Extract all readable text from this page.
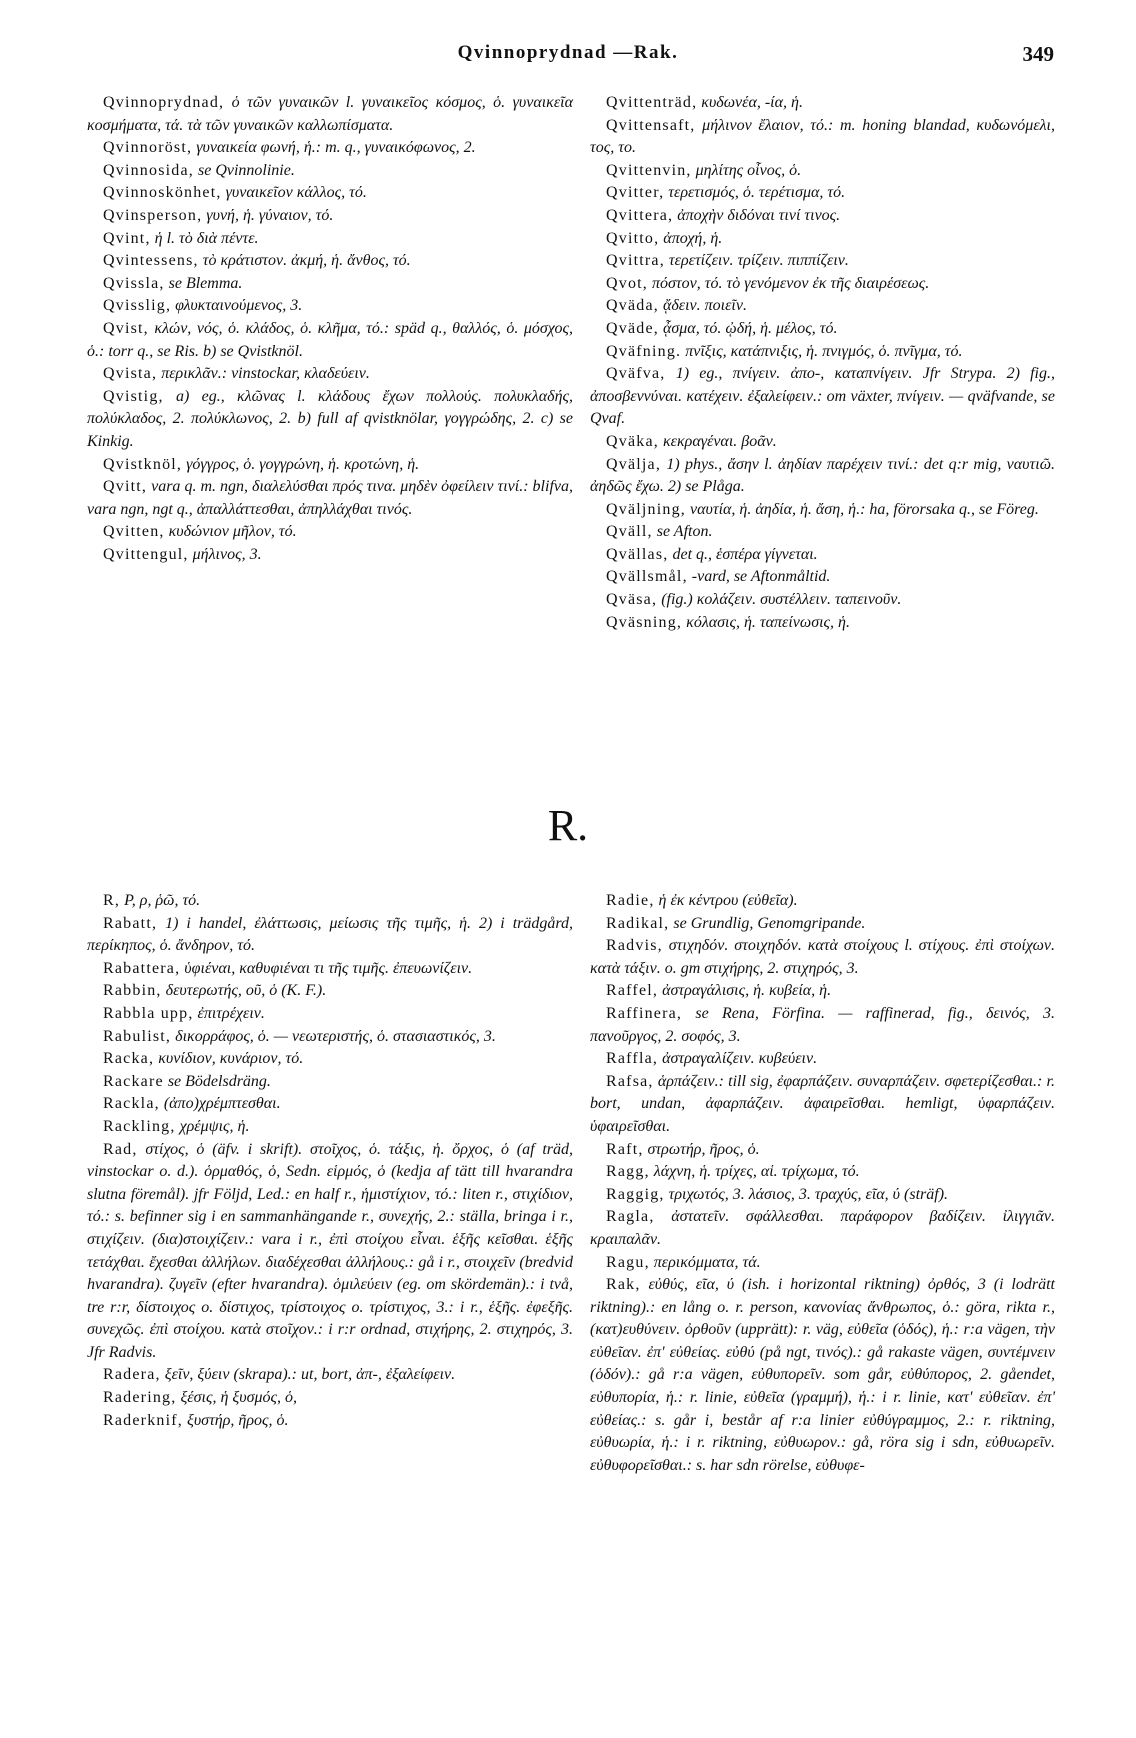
Qvinnoprydnad —Rak.	349

Qvinnoprydnad, ὁ τῶν γυναικῶν l. γυναικεῖος κόσμος, ὁ. γυναικεῖα κοσμήματα, τά. τὰ τῶν γυναικῶν καλλωπίσματα.

Qvinnoröst, γυναικεία φωνή, ἡ.: m. q., γυναικόφωνος, 2.

Qvinnosida, se Qvinnolinie.

Qvinnoskönhet, γυναικεῖον κάλλος, τό.

Qvinsperson, γυνή, ἡ. γύναιον, τό.

Qvint, ἡ l. τὸ διὰ πέντε.

Qvintessens, τὸ κράτιστον. ἀκμή, ἡ. ἄνθος, τό.

Qvissla, se Blemma.

Qvisslig, φλυκταινούμενος, 3.

Qvist, κλών, νός, ὁ. κλάδος, ὁ. κλῆμα, τό.: späd q., θαλλός, ὁ. μόσχος, ὁ.: torr q., se Ris. b) se Qvistknöl.

Qvista, περικλᾶν.: vinstockar, κλαδεύειν.

Qvistig, a) eg., κλῶνας l. κλάδους ἔχων πολλούς. πολυκλαδής, πολύκλαδος, 2. πολύκλωνος, 2. b) full af qvistknölar, γογγρώδης, 2. c) se Kinkig.

Qvistknöl, γόγγρος, ὁ. γογγρώνη, ἡ. κροτώνη, ἡ.

Qvitt, vara q. m. ngn, διαλελύσθαι πρός τινα. μηδὲν ὀφείλειν τινί.: blifva, vara ngn, ngt q., ἀπαλλάττεσθαι, ἀπηλλάχθαι τινός.

Qvitten, κυδώνιον μῆλον, τό.

Qvittengul, μήλινος, 3.

Qvittenträd, κυδωνέα, -ία, ἡ.

Qvittensaft, μήλινον ἔλαιον, τό.: m. honing blandad, κυδωνόμελι, τος, το.

Qvittenvin, μηλίτης οἶνος, ὁ.

Qvitter, τερετισμός, ὁ. τερέτισμα, τό.

Qvittera, ἀποχὴν διδόναι τινί τινος.

Qvitto, ἀποχή, ἡ.

Qvittra, τερετίζειν. τρίζειν. πιππίζειν.

Qvot, πόστον, τό. τὸ γενόμενον ἐκ τῆς διαιρέσεως.

Qväda, ᾄδειν. ποιεῖν.

Qväde, ᾆσμα, τό. ᾠδή, ἡ. μέλος, τό.

Qväfning. πνῖξις, κατάπνιξις, ἡ. πνιγμός, ὁ. πνῖγμα, τό.

Qväfva, 1) eg., πνίγειν. ἀπο-, καταπνίγειν. Jfr Strypa. 2) fig., ἀποσβεννύναι. κατέχειν. ἐξαλείφειν.: om växter, πνίγειν. — qväfvande, se Qvaf.

Qväka, κεκραγέναι. βοᾶν.

Qvälja, 1) phys., ἄσην l. ἀηδίαν παρέχειν τινί.: det q:r mig, ναυτιῶ. ἀηδῶς ἔχω. 2) se Plåga.

Qväljning, ναυτία, ἡ. ἀηδία, ἡ. ἄση, ἡ.: ha, förorsaka q., se Föreg.

Qväll, se Afton.

Qvällas, det q., ἑσπέρα γίγνεται.

Qvällsmål, -vard, se Aftonmåltid.

Qväsa, (fig.) κολάζειν. συστέλλειν. ταπεινοῦν.

Qväsning, κόλασις, ἡ. ταπείνωσις, ἡ.

R.

R, P, ρ, ῥῶ, τό.

Rabatt, 1) i handel, ἐλάττωσις, μείωσις τῆς τιμῆς, ἡ. 2) i trädgård, περίκηπος, ὁ. ἄνδηρον, τό.

Rabattera, ὑφιέναι, καθυφιέναι τι τῆς τιμῆς. ἐπευωνίζειν.

Rabbin, δευτερωτής, οῦ, ὁ (K. F.).

Rabbla upp, ἐπιτρέχειν.

Rabulist, δικορράφος, ὁ. — νεωτεριστής, ὁ. στασιαστικός, 3.

Racka, κυνίδιον, κυνάριον, τό.

Rackare se Bödelsdräng.

Rackla, (ἀπο)χρέμπτεσθαι.

Rackling, χρέμψις, ἡ.

Rad, στίχος, ὁ (äfv. i skrift). στοῖχος, ὁ. τάξις, ἡ. ὄρχος, ὁ (af träd, vinstockar o. d.). ὁρμαθός, ὁ, Sedn. εἱρμός, ὁ (kedja af tätt till hvarandra slutna föremål). jfr Följd, Led.: en half r., ἡμιστίχιον, τό.: liten r., στιχίδιον, τό.: s. befinner sig i en sammanhängande r., συνεχής, 2.: ställa, bringa i r., στιχίζειν. (δια)στοιχίζειν.: vara i r., ἐπὶ στοίχου εἶναι. ἑξῆς κεῖσθαι. ἑξῆς τετάχθαι. ἔχεσθαι ἀλλήλων. διαδέχεσθαι ἀλλήλους.: gå i r., στοιχεῖν (bredvid hvarandra). ζυγεῖν (efter hvarandra). ὁμιλεύειν (eg. om skördemän).: i två, tre r:r, δίστοιχος o. δίστιχος, τρίστοιχος o. τρίστιχος, 3.: i r., ἑξῆς. ἐφεξῆς. συνεχῶς. ἐπὶ στοίχου. κατὰ στοῖχον.: i r:r ordnad, στιχήρης, 2. στιχηρός, 3. Jfr Radvis.

Radera, ξεῖν, ξύειν (skrapa).: ut, bort, ἀπ-, ἐξαλείφειν.

Radering, ξέσις, ἡ ξυσμός, ὁ,

Raderknif, ξυστήρ, ῆρος, ὁ.

Radie, ἡ ἐκ κέντρου (εὐθεῖα).

Radikal, se Grundlig, Genomgripande.

Radvis, στιχηδόν. στοιχηδόν. κατὰ στοίχους l. στίχους. ἐπὶ στοίχων. κατὰ τάξιν. o. gm στιχήρης, 2. στιχηρός, 3.

Raffel, ἀστραγάλισις, ἡ. κυβεία, ἡ.

Raffinera, se Rena, Förfina. — raffinerad, fig., δεινός, 3. πανοῦργος, 2. σοφός, 3.

Raffla, ἀστραγαλίζειν. κυβεύειν.

Rafsa, ἁρπάζειν.: till sig, ἐφαρπάζειν. συναρπάζειν. σφετερίζεσθαι.: r. bort, undan, ἀφαρπάζειν. ἀφαιρεῖσθαι. hemligt, ὑφαρπάζειν. ὑφαιρεῖσθαι.

Raft, στρωτήρ, ῆρος, ὁ.

Ragg, λάχνη, ἡ. τρίχες, αἱ. τρίχωμα, τό.

Raggig, τριχωτός, 3. λάσιος, 3. τραχύς, εῖα, ύ (sträf).

Ragla, ἀστατεῖν. σφάλλεσθαι. παράφορον βαδίζειν. ἰλιγγιᾶν. κραιπαλᾶν.

Ragu, περικόμματα, τά.

Rak, εὐθύς, εῖα, ύ (ish. i horizontal riktning) ὀρθός, 3 (i lodrätt riktning).: en lång o. r. person, κανονίας ἄνθρωπος, ὁ.: göra, rikta r., (κατ)ευθύνειν. ὀρθοῦν (upprätt): r. väg, εὐθεῖα (ὁδός), ἡ.: r:a vägen, τὴν εὐθεῖαν. ἐπ' εὐθείας. εὐθύ (på ngt, τινός).: gå rakaste vägen, συντέμνειν (ὁδόν).: gå r:a vägen, εὐθυπορεῖν. som går, εὐθύπορος, 2. gåendet, εὐθυπορία, ἡ.: r. linie, εὐθεῖα (γραμμή), ἡ.: i r. linie, κατ' εὐθεῖαν. ἐπ' εὐθείας.: s. går i, består af r:a linier εὐθύγραμμος, 2.: r. riktning, εὐθυωρία, ἡ.: i r. riktning, εὐθυωρον.: gå, röra sig i sdn, εὐθυωρεῖν. εὐθυφορεῖσθαι.: s. har sdn rörelse, εὐθυφε-
